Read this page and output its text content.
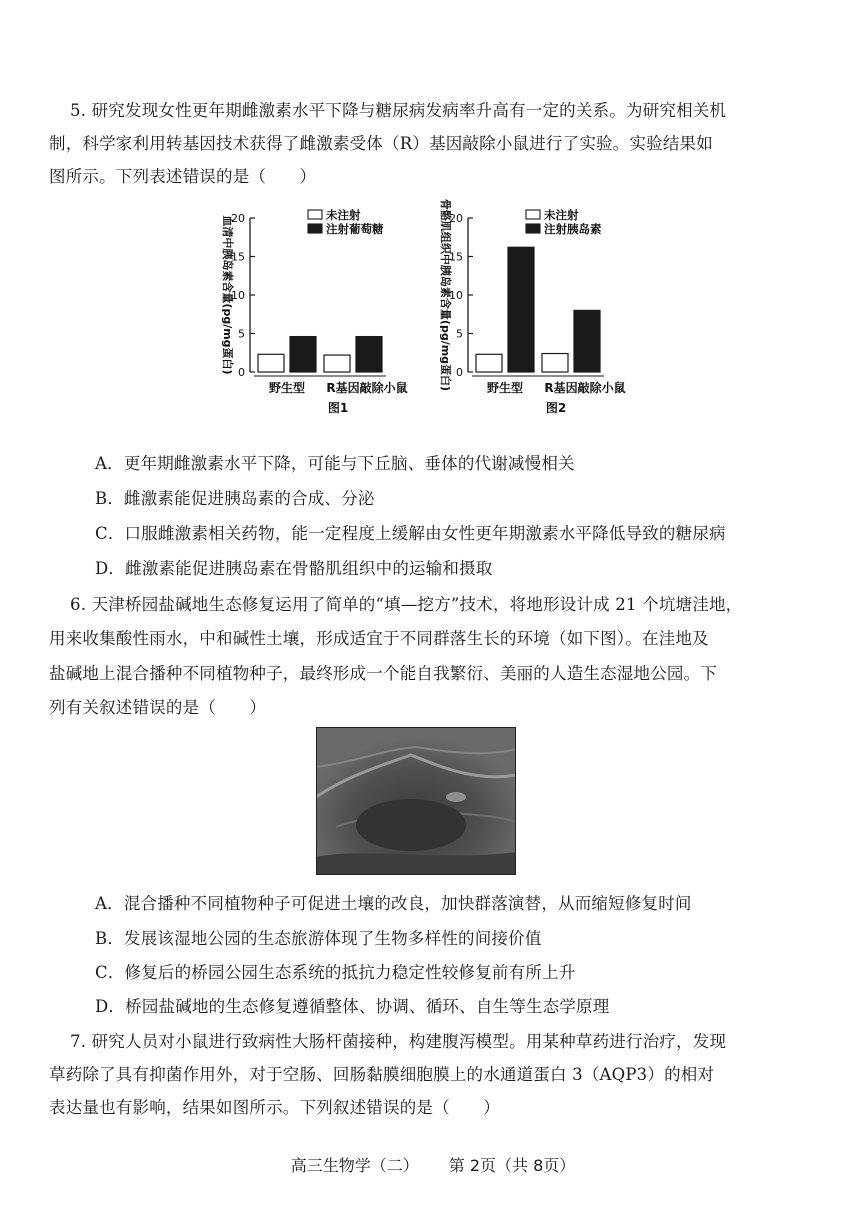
5. 研究发现女性更年期雌激素水平下降与糖尿病发病率升高有一定的关系。为研究相关机
制，科学家利用转基因技术获得了雌激素受体（R）基因敲除小鼠进行了实验。实验结果如
图所示。下列表述错误的是（　　）
0
5
10
15
20
血清中胰岛素含量(pg/mg蛋白)
野生型 R基因敲除小鼠
未注射
注射葡萄糖
图1
0
5
10
15
20
骨骼肌组织中胰岛素含量(pg/mg蛋白)	野生型 R基因敲除小鼠
未注射
注射胰岛素
图2
A．更年期雌激素水平下降，可能与下丘脑、垂体的代谢减慢相关
B．雌激素能促进胰岛素的合成、分泌
C．口服雌激素相关药物，能一定程度上缓解由女性更年期激素水平降低导致的糖尿病
D．雌激素能促进胰岛素在骨骼肌组织中的运输和摄取
6. 天津桥园盐碱地生态修复运用了简单的“填—挖方”技术，将地形设计成 21 个坑塘洼地，
用来收集酸性雨水，中和碱性土壤，形成适宜于不同群落生长的环境（如下图）。在洼地及
盐碱地上混合播种不同植物种子，最终形成一个能自我繁衍、美丽的人造生态湿地公园。下
列有关叙述错误的是（　　）
A．混合播种不同植物种子可促进土壤的改良，加快群落演替，从而缩短修复时间
B．发展该湿地公园的生态旅游体现了生物多样性的间接价值
C．修复后的桥园公园生态系统的抵抗力稳定性较修复前有所上升
D．桥园盐碱地的生态修复遵循整体、协调、循环、自生等生态学原理
7. 研究人员对小鼠进行致病性大肠杆菌接种，构建腹泻模型。用某种草药进行治疗，发现
草药除了具有抑菌作用外，对于空肠、回肠黏膜细胞膜上的水通道蛋白 3（AQP3）的相对
表达量也有影响，结果如图所示。下列叙述错误的是（　　）
高三生物学（二） 第 2页（共 8页）
